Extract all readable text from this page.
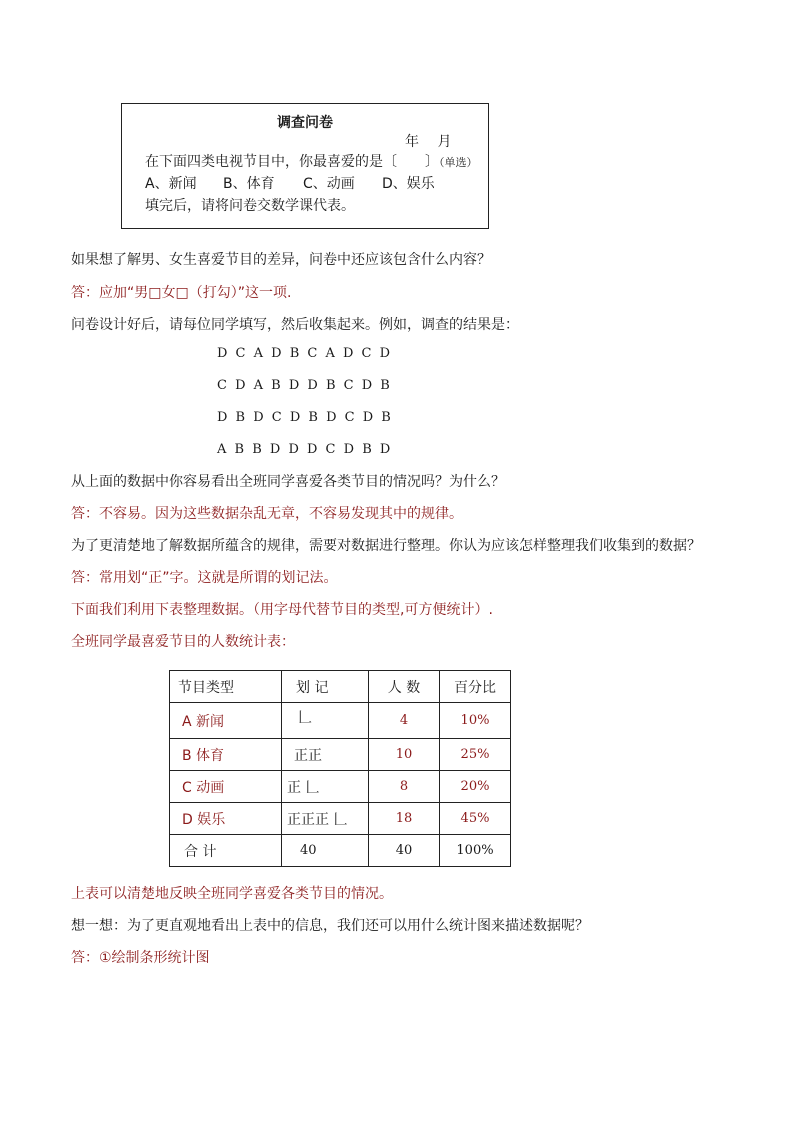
调查问卷
年　 月
在下面四类电视节目中，你最喜爱的是〔　　〕（单选）
A、新闻 B、体育 C、动画 D、娱乐
填完后，请将问卷交数学课代表。
如果想了解男、女生喜爱节目的差异，问卷中还应该包含什么内容？
答：应加“男□女□（打勾）”这一项.
问卷设计好后，请每位同学填写，然后收集起来。例如，调查的结果是：
D C A D B C A D C D
C D A B D D B C D B
D B D C D B D C D B
A B B D D D C D B D
从上面的数据中你容易看出全班同学喜爱各类节目的情况吗？为什么？
答：不容易。因为这些数据杂乱无章，不容易发现其中的规律。
为了更清楚地了解数据所蕴含的规律，需要对数据进行整理。你认为应该怎样整理我们收集到的数据？
答：常用划“正”字。这就是所谓的划记法。
下面我们利用下表整理数据。（用字母代替节目的类型,可方便统计）.
全班同学最喜爱节目的人数统计表：
节目类型	划 记	人 数	百分比
A 新闻	𠃊	4	10%
B 体育	正正	10	25%
C 动画	正 𠃊	8	20%
D 娱乐	正正正 𠃊	18	45%
合 计	40	40	100%
上表可以清楚地反映全班同学喜爱各类节目的情况。
想一想：为了更直观地看出上表中的信息，我们还可以用什么统计图来描述数据呢？
答：①绘制条形统计图
